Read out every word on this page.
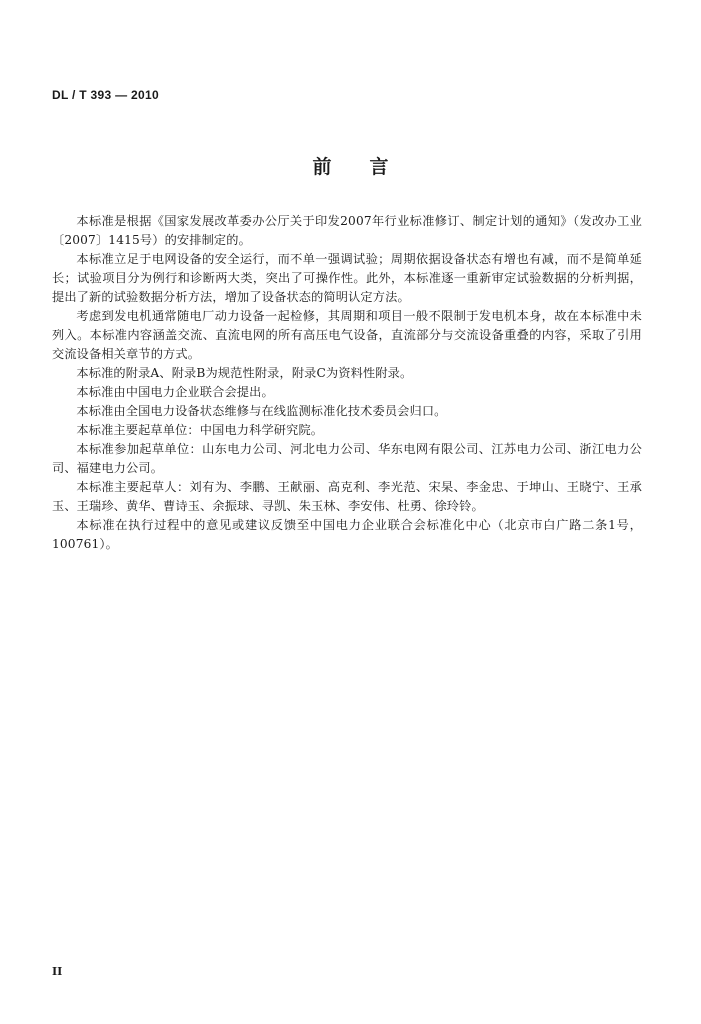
DL / T 393 — 2010
前　　言

本标准是根据《国家发展改革委办公厅关于印发2007年行业标准修订、制定计划的通知》（发改办工业〔2007〕1415号）的安排制定的。

本标准立足于电网设备的安全运行，而不单一强调试验；周期依据设备状态有增也有减，而不是简单延长；试验项目分为例行和诊断两大类，突出了可操作性。此外，本标准逐一重新审定试验数据的分析判据，提出了新的试验数据分析方法，增加了设备状态的简明认定方法。

考虑到发电机通常随电厂动力设备一起检修，其周期和项目一般不限制于发电机本身，故在本标准中未列入。本标准内容涵盖交流、直流电网的所有高压电气设备，直流部分与交流设备重叠的内容，采取了引用交流设备相关章节的方式。

本标准的附录A、附录B为规范性附录，附录C为资料性附录。

本标准由中国电力企业联合会提出。

本标准由全国电力设备状态维修与在线监测标准化技术委员会归口。

本标准主要起草单位：中国电力科学研究院。

本标准参加起草单位：山东电力公司、河北电力公司、华东电网有限公司、江苏电力公司、浙江电力公司、福建电力公司。

本标准主要起草人：刘有为、李鹏、王献丽、高克利、李光范、宋杲、李金忠、于坤山、王晓宁、王承玉、王瑞珍、黄华、曹诗玉、余振球、寻凯、朱玉林、李安伟、杜勇、徐玲铃。

本标准在执行过程中的意见或建议反馈至中国电力企业联合会标准化中心（北京市白广路二条1号，100761）。

II
